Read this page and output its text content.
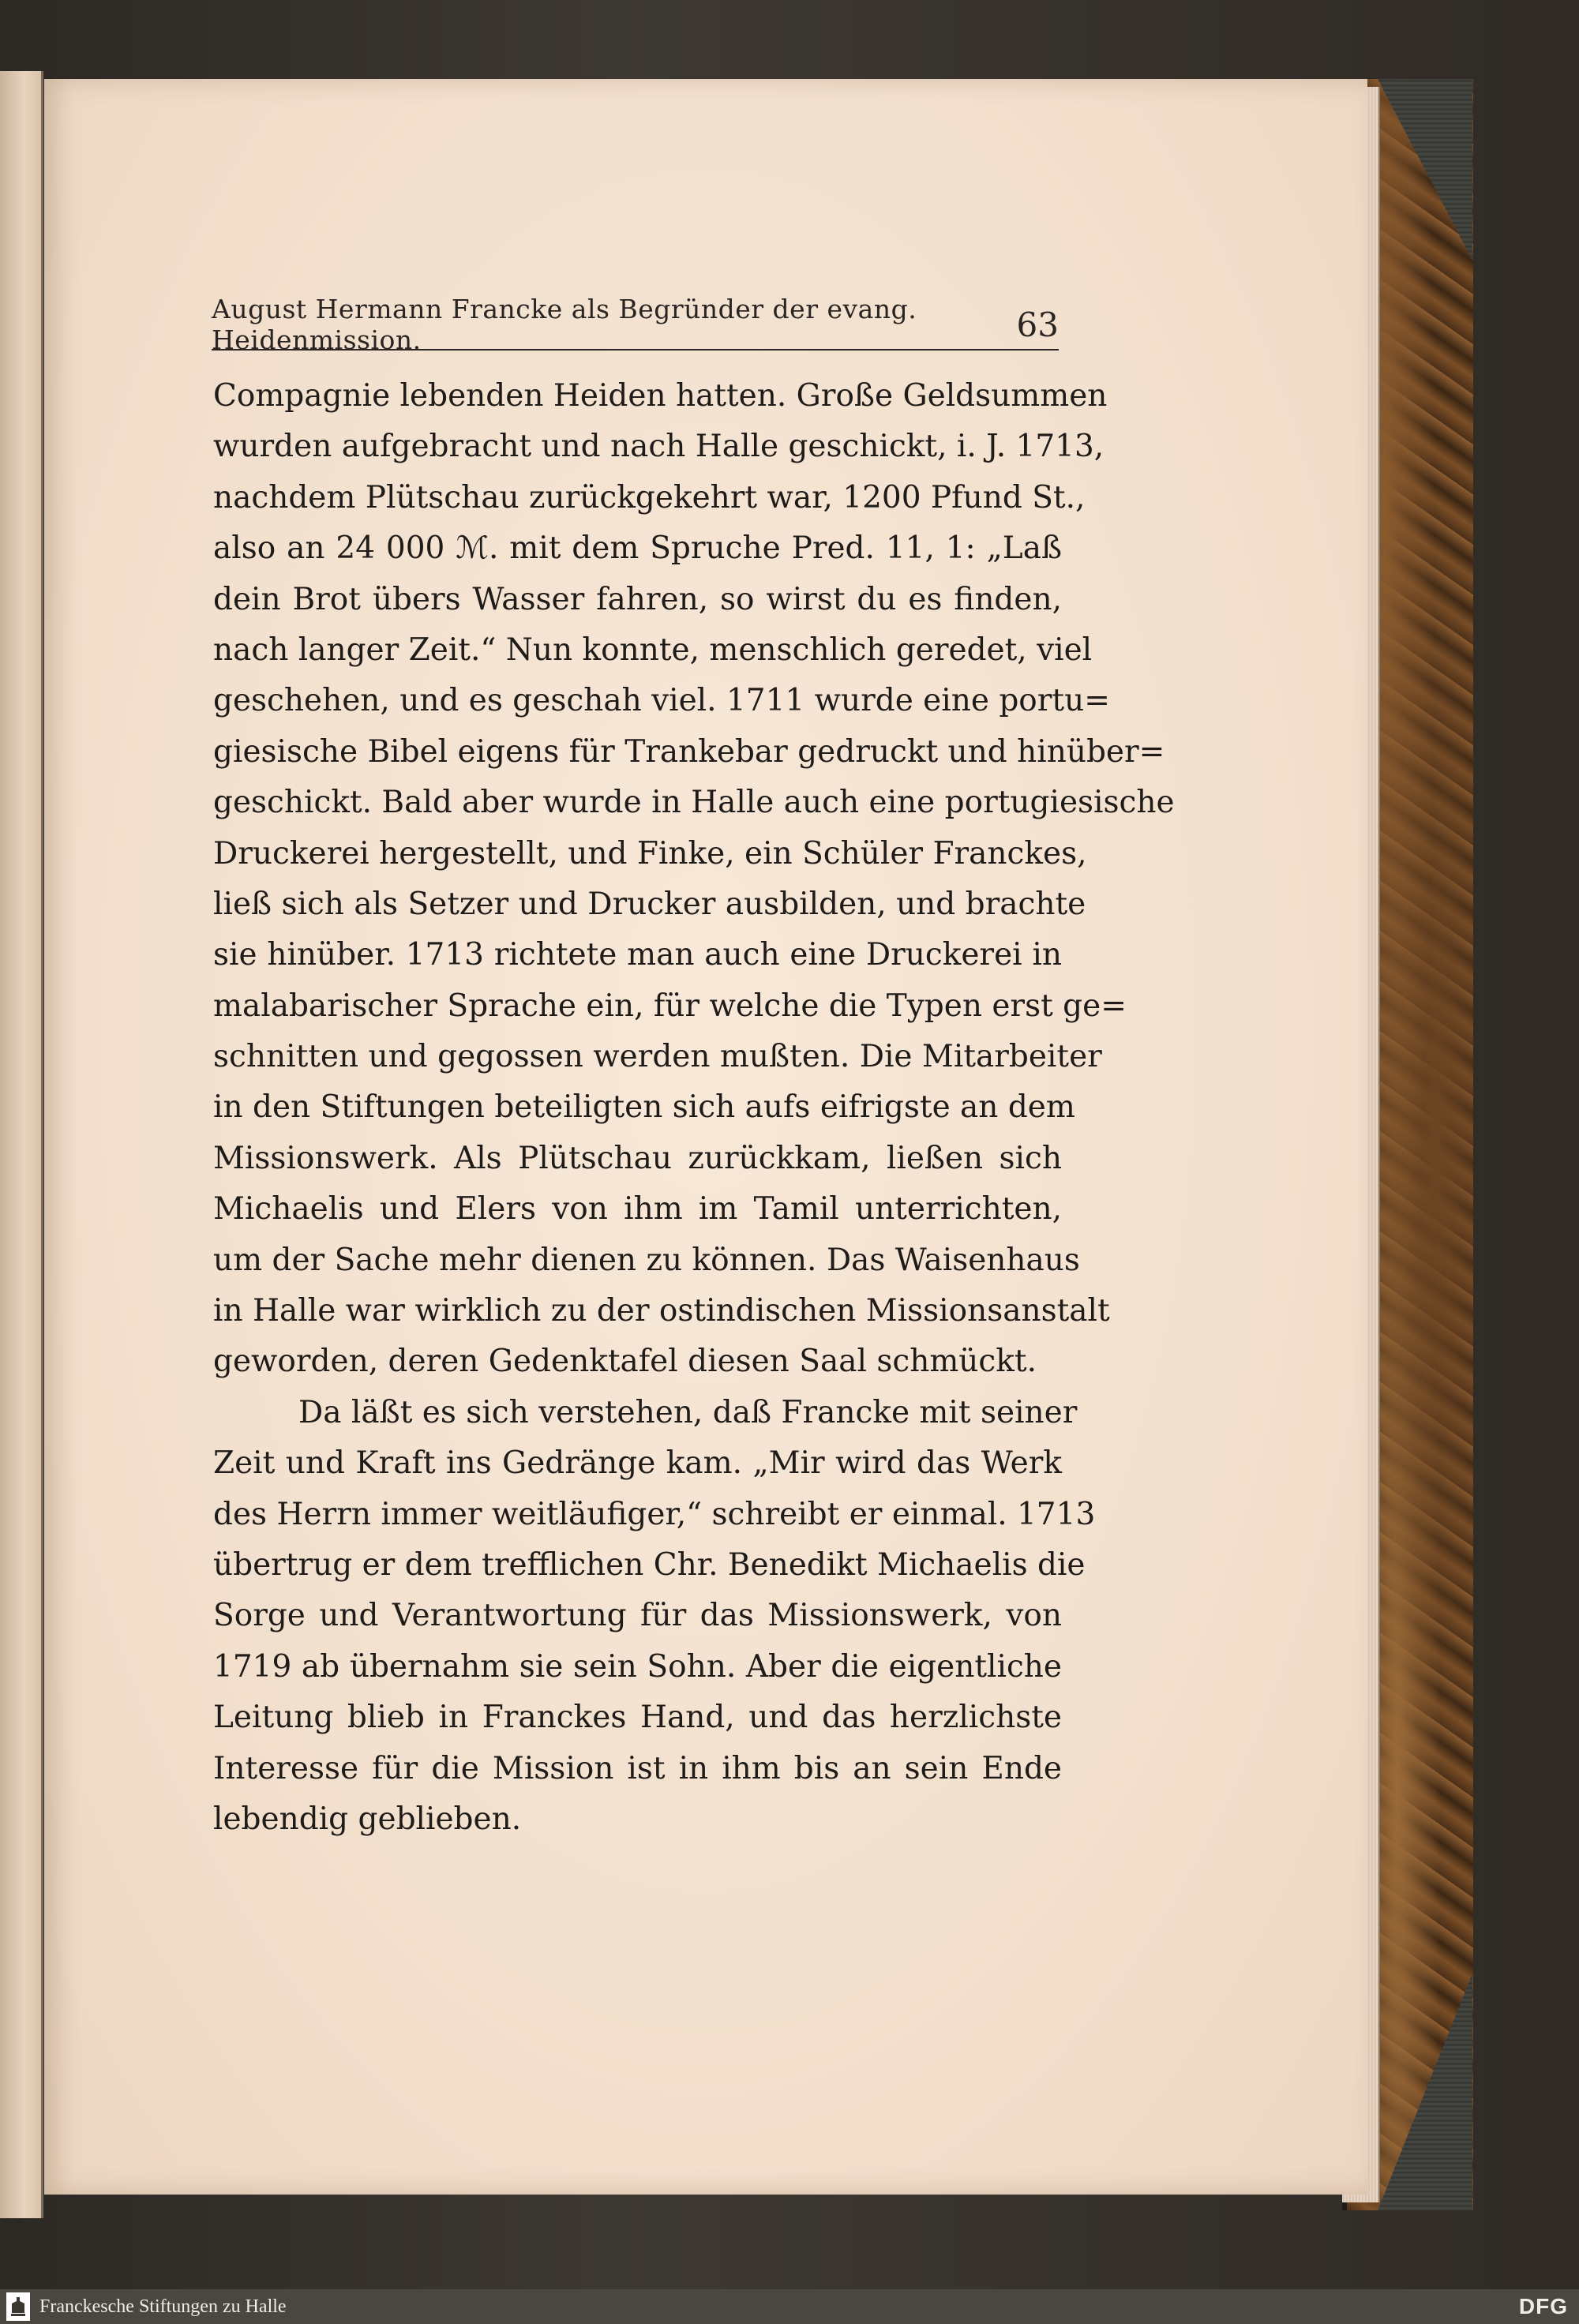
August Hermann Francke als Begründer der evang. Heidenmission.	63
Compagnie lebenden Heiden hatten. Große Geldsummen
wurden aufgebracht und nach Halle geschickt, i. J. 1713,
nachdem Plütschau zurückgekehrt war, 1200 Pfund St.,
also an 24 000 ℳ. mit dem Spruche Pred. 11, 1: „Laß
dein Brot übers Wasser fahren, so wirst du es finden,
nach langer Zeit.“ Nun konnte, menschlich geredet, viel
geschehen, und es geschah viel. 1711 wurde eine portu=
giesische Bibel eigens für Trankebar gedruckt und hinüber=
geschickt. Bald aber wurde in Halle auch eine portugiesische
Druckerei hergestellt, und Finke, ein Schüler Franckes,
ließ sich als Setzer und Drucker ausbilden, und brachte
sie hinüber. 1713 richtete man auch eine Druckerei in
malabarischer Sprache ein, für welche die Typen erst ge=
schnitten und gegossen werden mußten. Die Mitarbeiter
in den Stiftungen beteiligten sich aufs eifrigste an dem
Missionswerk. Als Plütschau zurückkam, ließen sich
Michaelis und Elers von ihm im Tamil unterrichten,
um der Sache mehr dienen zu können. Das Waisenhaus
in Halle war wirklich zu der ostindischen Missionsanstalt
geworden, deren Gedenktafel diesen Saal schmückt.
Da läßt es sich verstehen, daß Francke mit seiner
Zeit und Kraft ins Gedränge kam. „Mir wird das Werk
des Herrn immer weitläufiger,“ schreibt er einmal. 1713
übertrug er dem trefflichen Chr. Benedikt Michaelis die
Sorge und Verantwortung für das Missionswerk, von
1719 ab übernahm sie sein Sohn. Aber die eigentliche
Leitung blieb in Franckes Hand, und das herzlichste
Interesse für die Mission ist in ihm bis an sein Ende
lebendig geblieben.
Franckesche Stiftungen zu Halle	DFG
